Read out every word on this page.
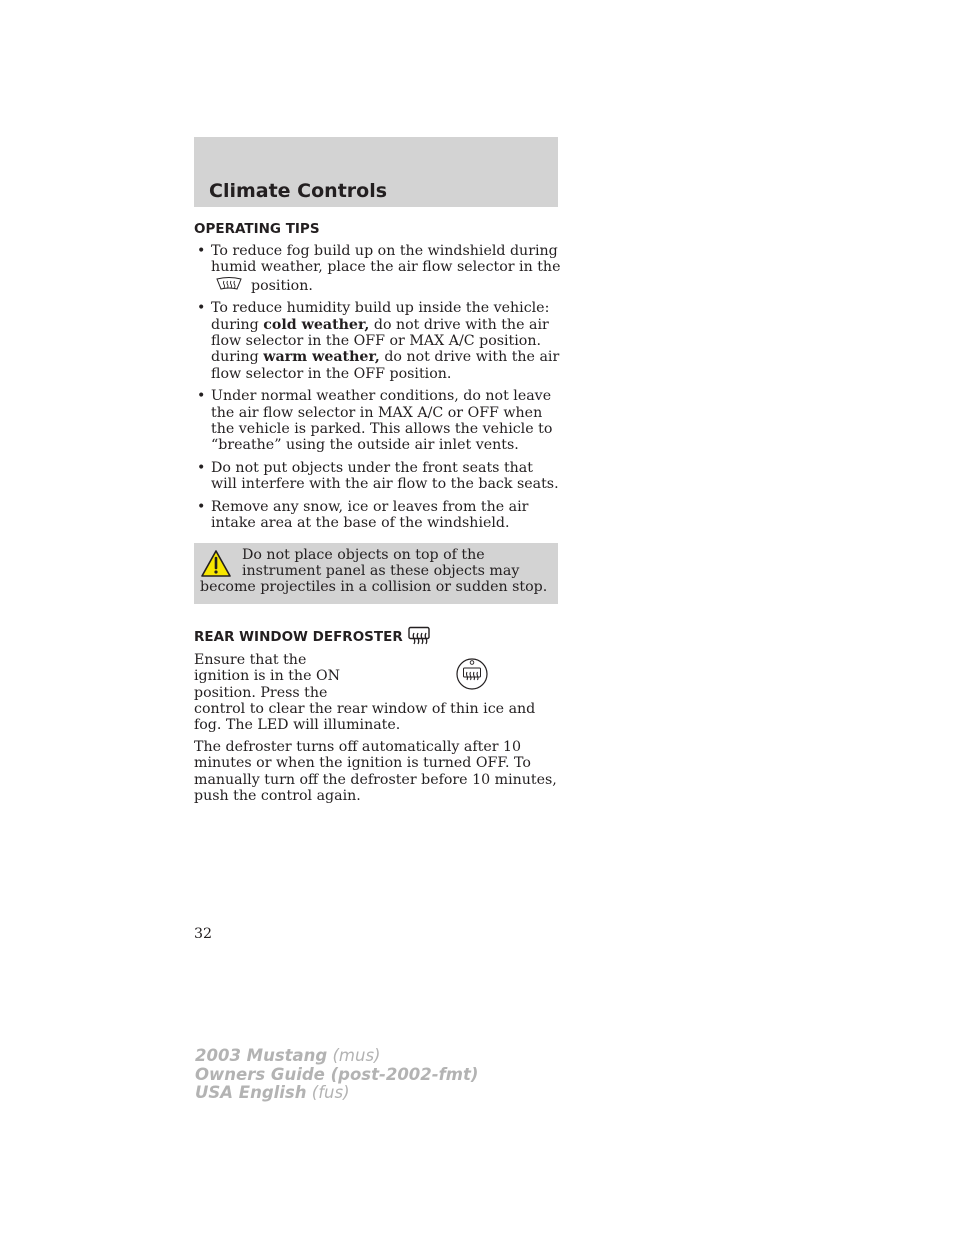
Climate Controls
OPERATING TIPS
• To reduce fog build up on the windshield during humid weather, place the air flow selector in theposition.
• To reduce humidity build up inside the vehicle: during cold weather, do not drive with the air flow selector in the OFF or MAX A/C position. during warm weather, do not drive with the air flow selector in the OFF position.
• Under normal weather conditions, do not leave the air flow selector in MAX A/C or OFF when the vehicle is parked. This allows the vehicle to “breathe” using the outside air inlet vents.
• Do not put objects under the front seats that will interfere with the air flow to the back seats.
• Remove any snow, ice or leaves from the air intake area at the base of the windshield.

Do not place objects on top of the instrument panel as these objects may become projectiles in a collision or sudden stop.

REAR WINDOW DEFROSTER

Ensure that the ignition is in the ON position. Press the control to clear the rear window of thin ice and fog. The LED will illuminate.

The defroster turns off automatically after 10 minutes or when the ignition is turned OFF. To manually turn off the defroster before 10 minutes, push the control again.

32

2003 Mustang (mus)
Owners Guide (post-2002-fmt)
USA English (fus)
